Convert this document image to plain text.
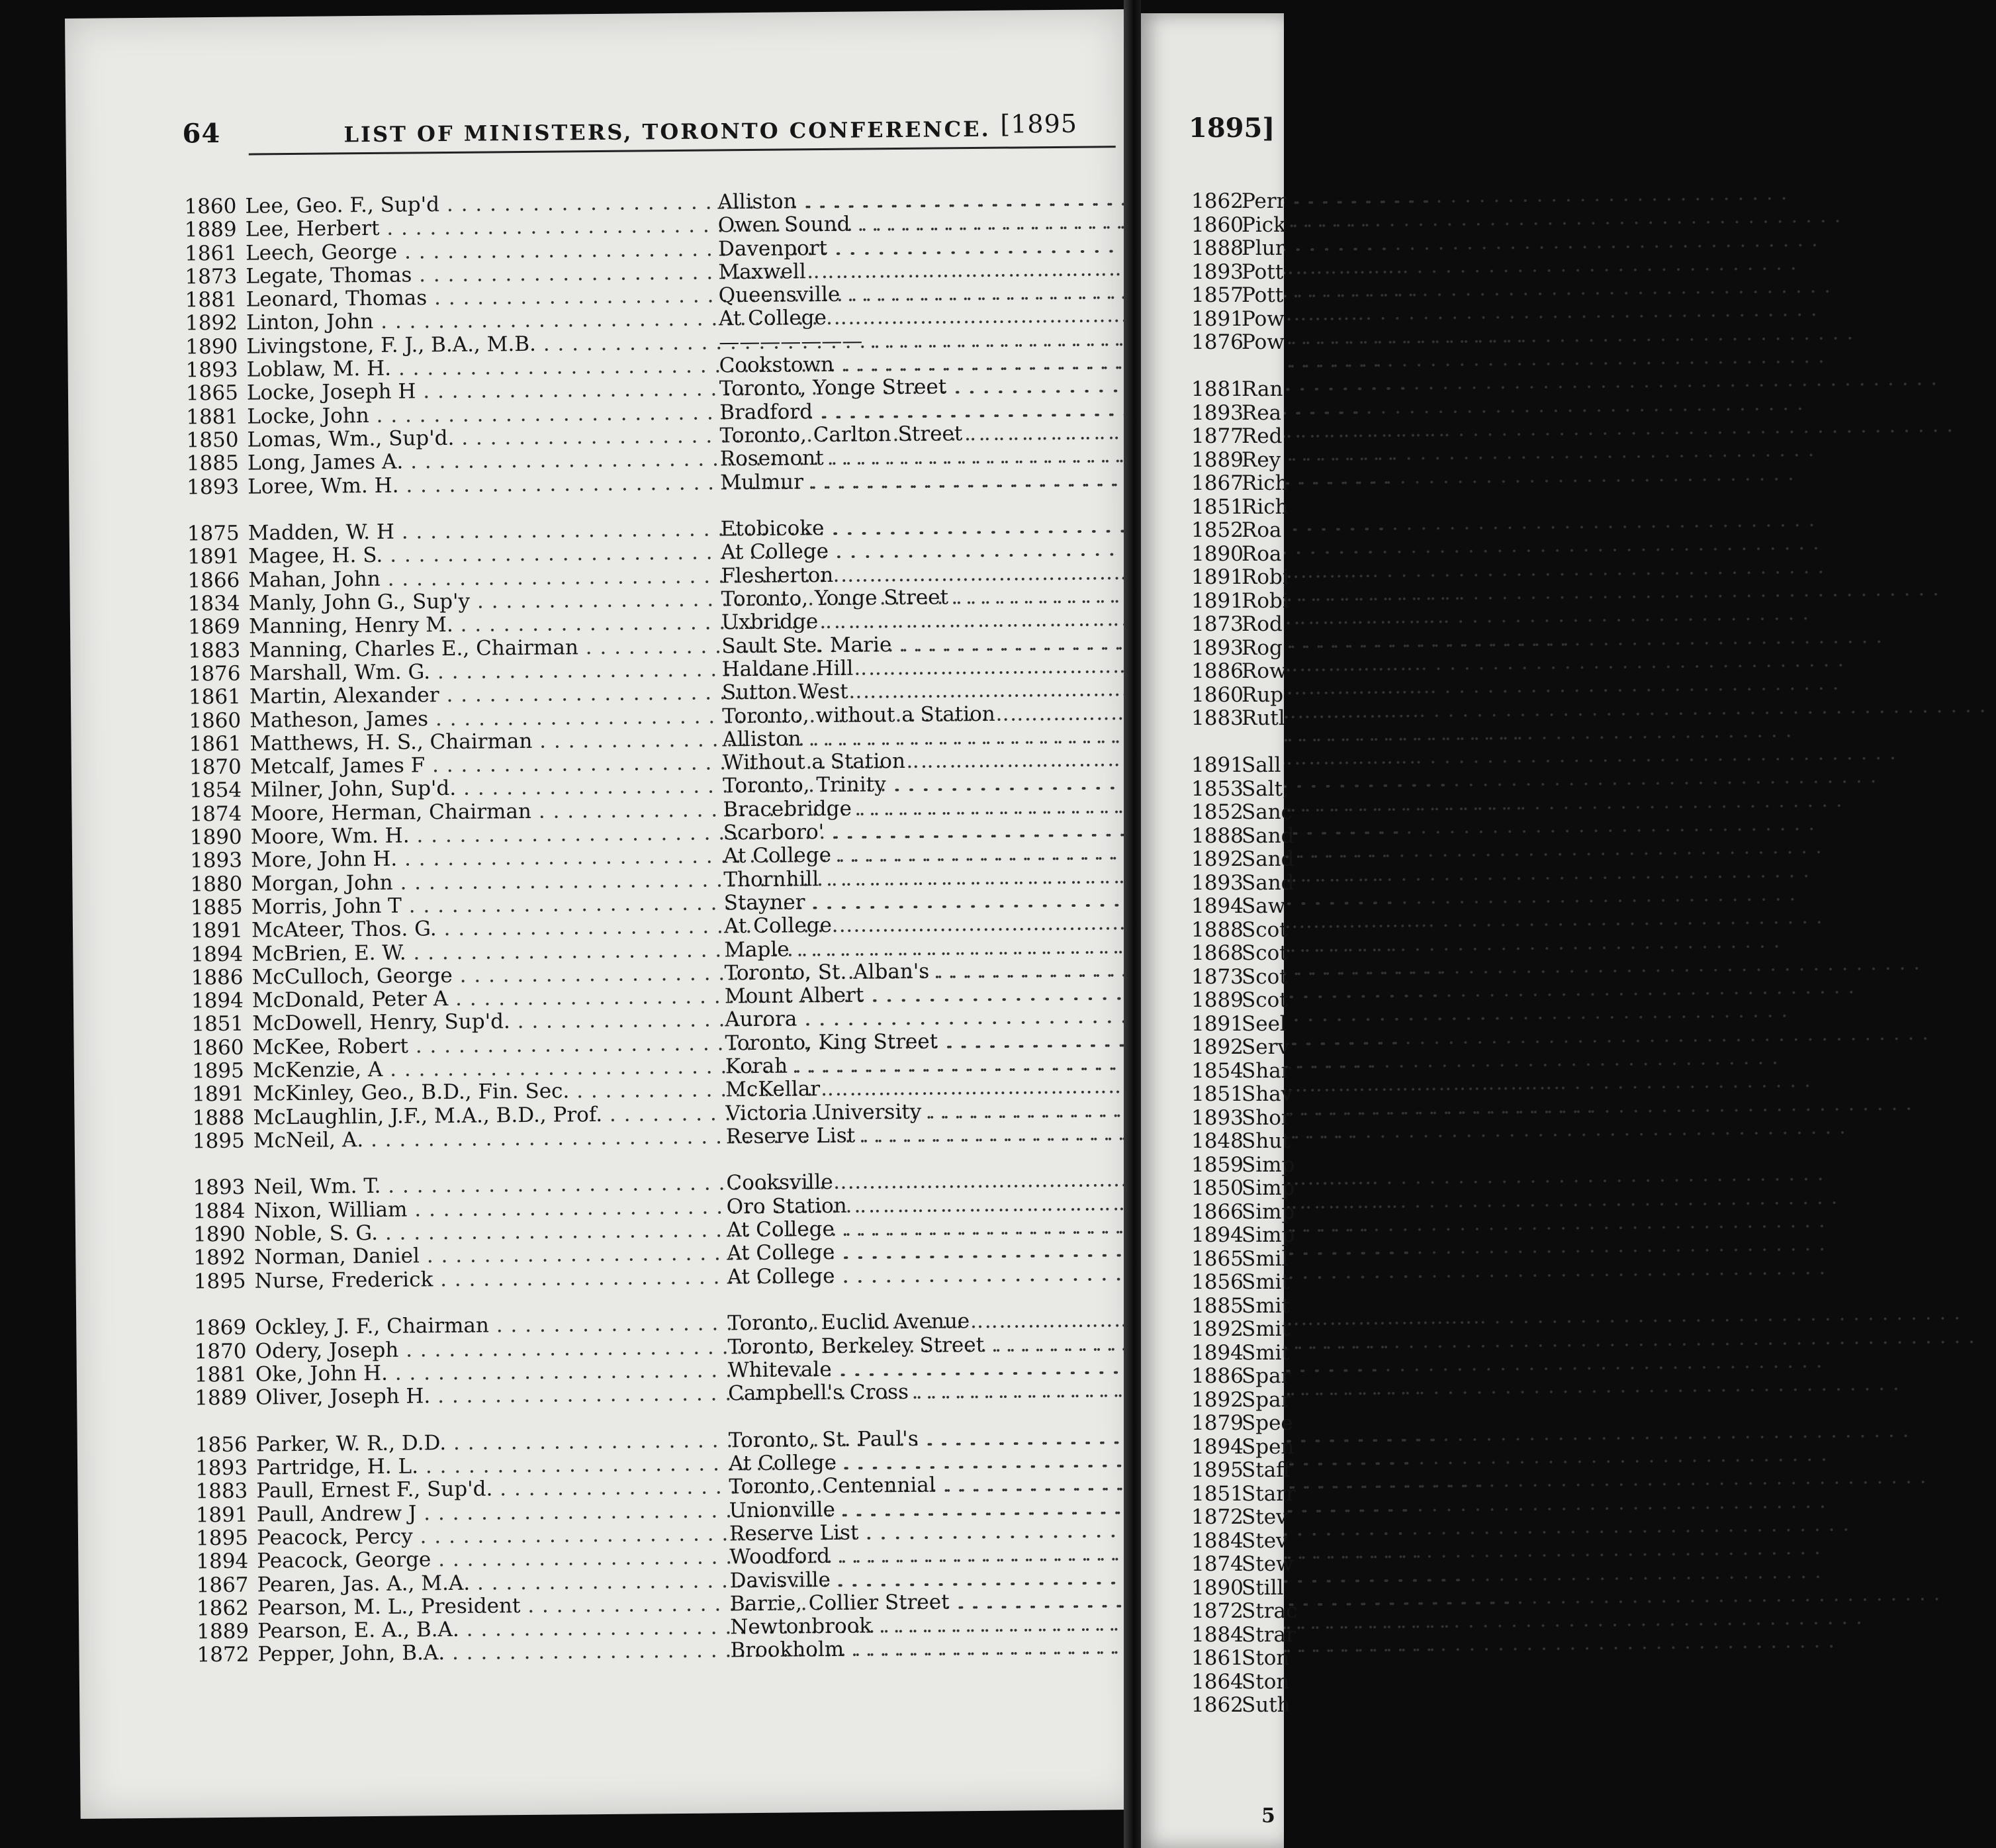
64	LIST OF MINISTERS, TORONTO CONFERENCE. [1895
1860 Lee, Geo. F., Sup'd . . .	Alliston . . .
1889 Lee, Herbert . . .	Owen Sound . . .
1861 Leech, George . . .	Davenport . . .
1873 Legate, Thomas . . .	Maxwell . . .
1881 Leonard, Thomas . . .	Queensville . . .
1892 Linton, John . . .	At College . . .
1890 Livingstone, F. J., B.A., M.B. . . .	——————— . . .
1893 Loblaw, M. H. . . .	Cookstown . . .
1865 Locke, Joseph H . . .	Toronto, Yonge Street . . .
1881 Locke, John . . .	Bradford . . .
1850 Lomas, Wm., Sup'd. . . .	Toronto, Carlton Street . . .
1885 Long, James A. . . .	Rosemont . . .
1893 Loree, Wm. H. . . .	Mulmur . . .
1875 Madden, W. H . . .	Etobicoke . . .
1891 Magee, H. S. . . .	At College . . .
1866 Mahan, John . . .	Flesherton . . .
1834 Manly, John G., Sup'y . . .	Toronto, Yonge Street . . .
1869 Manning, Henry M. . . .	Uxbridge . . .
1883 Manning, Charles E., Chairman . . .	Sault Ste. Marie . . .
1876 Marshall, Wm. G. . . .	Haldane Hill . . .
1861 Martin, Alexander . . .	Sutton West . . .
1860 Matheson, James . . .	Toronto, without a Station . . .
1861 Matthews, H. S., Chairman . . .	Alliston . . .
1870 Metcalf, James F . . .	Without a Station . . .
1854 Milner, John, Sup'd. . . .	Toronto, Trinity . . .
1874 Moore, Herman, Chairman . . .	Bracebridge . . .
1890 Moore, Wm. H. . . .	Scarboro' . . .
1893 More, John H. . . .	At College . . .
1880 Morgan, John . . .	Thornhill . . .
1885 Morris, John T . . .	Stayner . . .
1891 McAteer, Thos. G. . . .	At College . . .
1894 McBrien, E. W. . . .	Maple . . .
1886 McCulloch, George . . .	Toronto, St. Alban's . . .
1894 McDonald, Peter A . . .	Mount Albert . . .
1851 McDowell, Henry, Sup'd. . . .	Aurora . . .
1860 McKee, Robert . . .	Toronto, King Street . . .
1895 McKenzie, A . . .	Korah . . .
1891 McKinley, Geo., B.D., Fin. Sec. . . .	McKellar . . .
1888 McLaughlin, J.F., M.A., B.D., Prof. . . .	Victoria University . . .
1895 McNeil, A. . . .	Reserve List . . .
1893 Neil, Wm. T. . . .	Cooksville . . .
1884 Nixon, William . . .	Oro Station . . .
1890 Noble, S. G. . . .	At College . . .
1892 Norman, Daniel . . .	At College . . .
1895 Nurse, Frederick . . .	At College . . .
1869 Ockley, J. F., Chairman . . .	Toronto, Euclid Avenue . . .
1870 Odery, Joseph . . .	Toronto, Berkeley Street . . .
1881 Oke, John H. . . .	Whitevale . . .
1889 Oliver, Joseph H. . . .	Campbell's Cross . . .
1856 Parker, W. R., D.D. . . .	Toronto, St. Paul's . . .
1893 Partridge, H. L. . . .	At College . . .
1883 Paull, Ernest F., Sup'd. . . .	Toronto, Centennial . . .
1891 Paull, Andrew J . . .	Unionville . . .
1895 Peacock, Percy . . .	Reserve List . . .
1894 Peacock, George . . .	Woodford . . .
1867 Pearen, Jas. A., M.A. . . .	Davisville . . .
1862 Pearson, M. L., President . . .	Barrie, Collier Street . . .
1889 Pearson, E. A., B.A. . . .	Newtonbrook . . .
1872 Pepper, John, B.A. . . .	Brookholm . . .
1895]
1862Perr
1860Pick
1888Plur
1893Pott
1857Pott
1891Pow
1876Pow
1881Ran
1893Rea
1877Red
1889Rey
1867Rich
1851Rich
1852Roa
1890Roa
1891Robi
1891Robi
1873Rod
1893Rog
1886Row
1860Rup
1883Rutl
1891Sall
1853Salt,
1852Sanc
1888Sand
1892Sand
1893Sand
1894Saw
1888Scot
1868Scot
1873Scot
1889Scot
1891Seel
1892Serv
1854Shar
1851Shav
1893Shor
1848Shut
1859Simp
1850Simp
1866Simp
1894Simp
1865Smil
1856Smit
1885Smit
1892Smit
1894Smit
1886Spar
1892Spar
1879Spee
1894Spen
1895Staff
1851Starr
1872Stev
1884Stev
1874Stew
1890Still
1872Strac
1884Strar
1861Ston
1864Ston
1862Suth
5
